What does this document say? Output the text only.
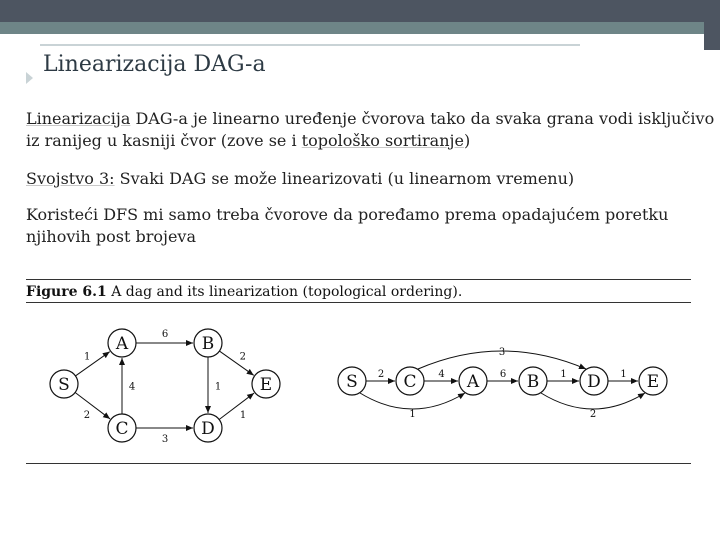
Linearizacija DAG-a
Linearizacija DAG-a je linearno uređenje čvorova tako da svaka grana vodi isključivo iz ranijeg u kasniji čvor (zove se i topološko sortiranje)
Svojstvo 3: Svaki DAG se može linearizovati (u linearnom vremenu)
Koristeći DFS mi samo treba čvorove da poređamo prema opadajućem poretku njihovih post brojeva
Figure 6.1 A dag and its linearization (topological ordering).
1
2
6
4
3
2
1
1
A	B
S	E
C	D
2	4	6	1	1
3
1	2
S	C	A	B	D	E
